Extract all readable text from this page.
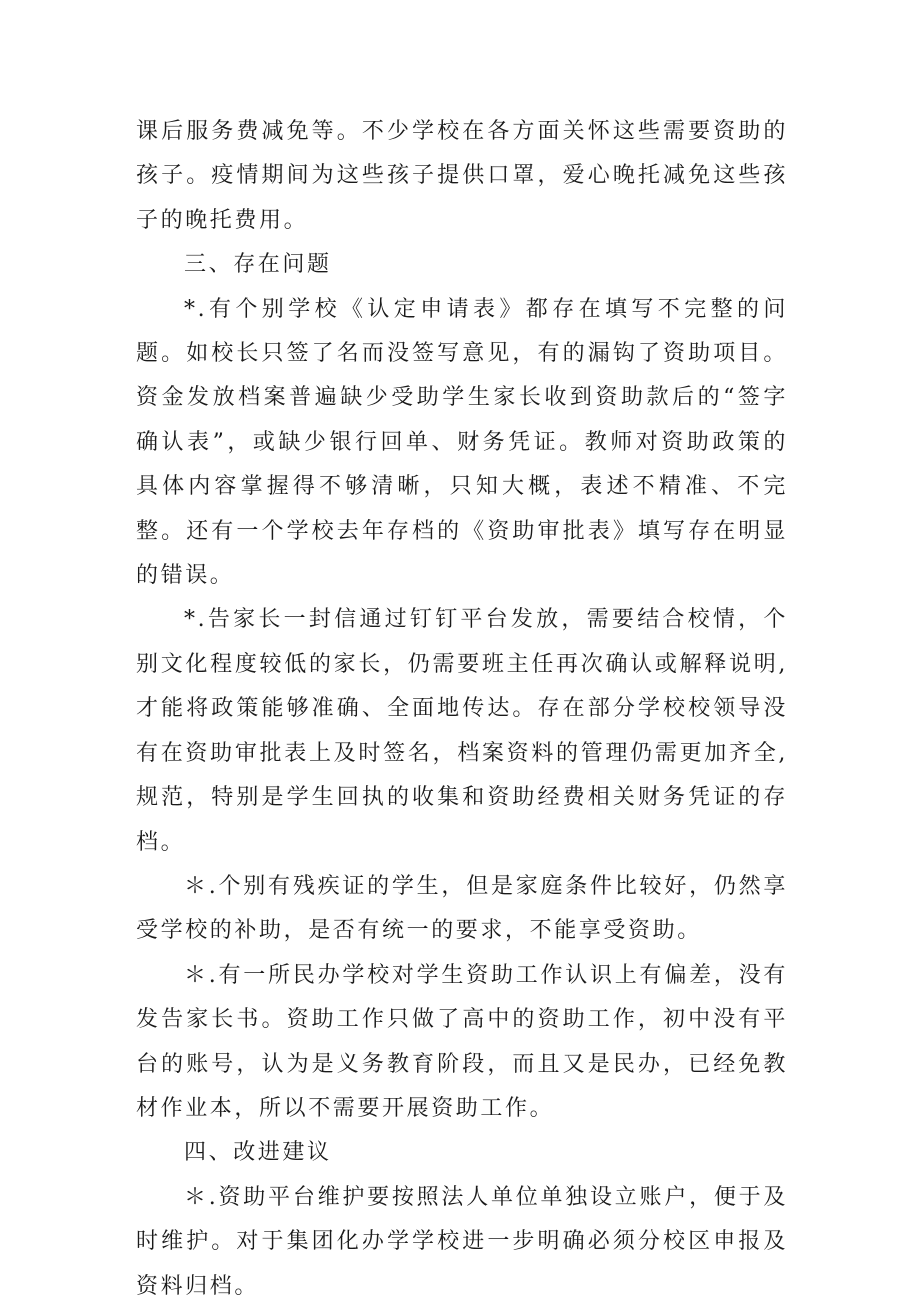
课后服务费减免等。不少学校在各方面关怀这些需要资助的孩子。疫情期间为这些孩子提供口罩，爱心晚托减免这些孩子的晚托费用。

三、存在问题

*.有个别学校《认定申请表》都存在填写不完整的问题。如校长只签了名而没签写意见，有的漏钩了资助项目。资金发放档案普遍缺少受助学生家长收到资助款后的“签字确认表”，或缺少银行回单、财务凭证。教师对资助政策的具体内容掌握得不够清晰，只知大概，表述不精准、不完整。还有一个学校去年存档的《资助审批表》填写存在明显的错误。

*.告家长一封信通过钉钉平台发放，需要结合校情，个别文化程度较低的家长，仍需要班主任再次确认或解释说明,才能将政策能够准确、全面地传达。存在部分学校校领导没有在资助审批表上及时签名，档案资料的管理仍需更加齐全,规范，特别是学生回执的收集和资助经费相关财务凭证的存档。

＊.个别有残疾证的学生，但是家庭条件比较好，仍然享受学校的补助，是否有统一的要求，不能享受资助。

＊.有一所民办学校对学生资助工作认识上有偏差，没有发告家长书。资助工作只做了高中的资助工作，初中没有平台的账号，认为是义务教育阶段，而且又是民办，已经免教材作业本，所以不需要开展资助工作。

四、改进建议

＊.资助平台维护要按照法人单位单独设立账户，便于及时维护。对于集团化办学学校进一步明确必须分校区申报及资料归档。
